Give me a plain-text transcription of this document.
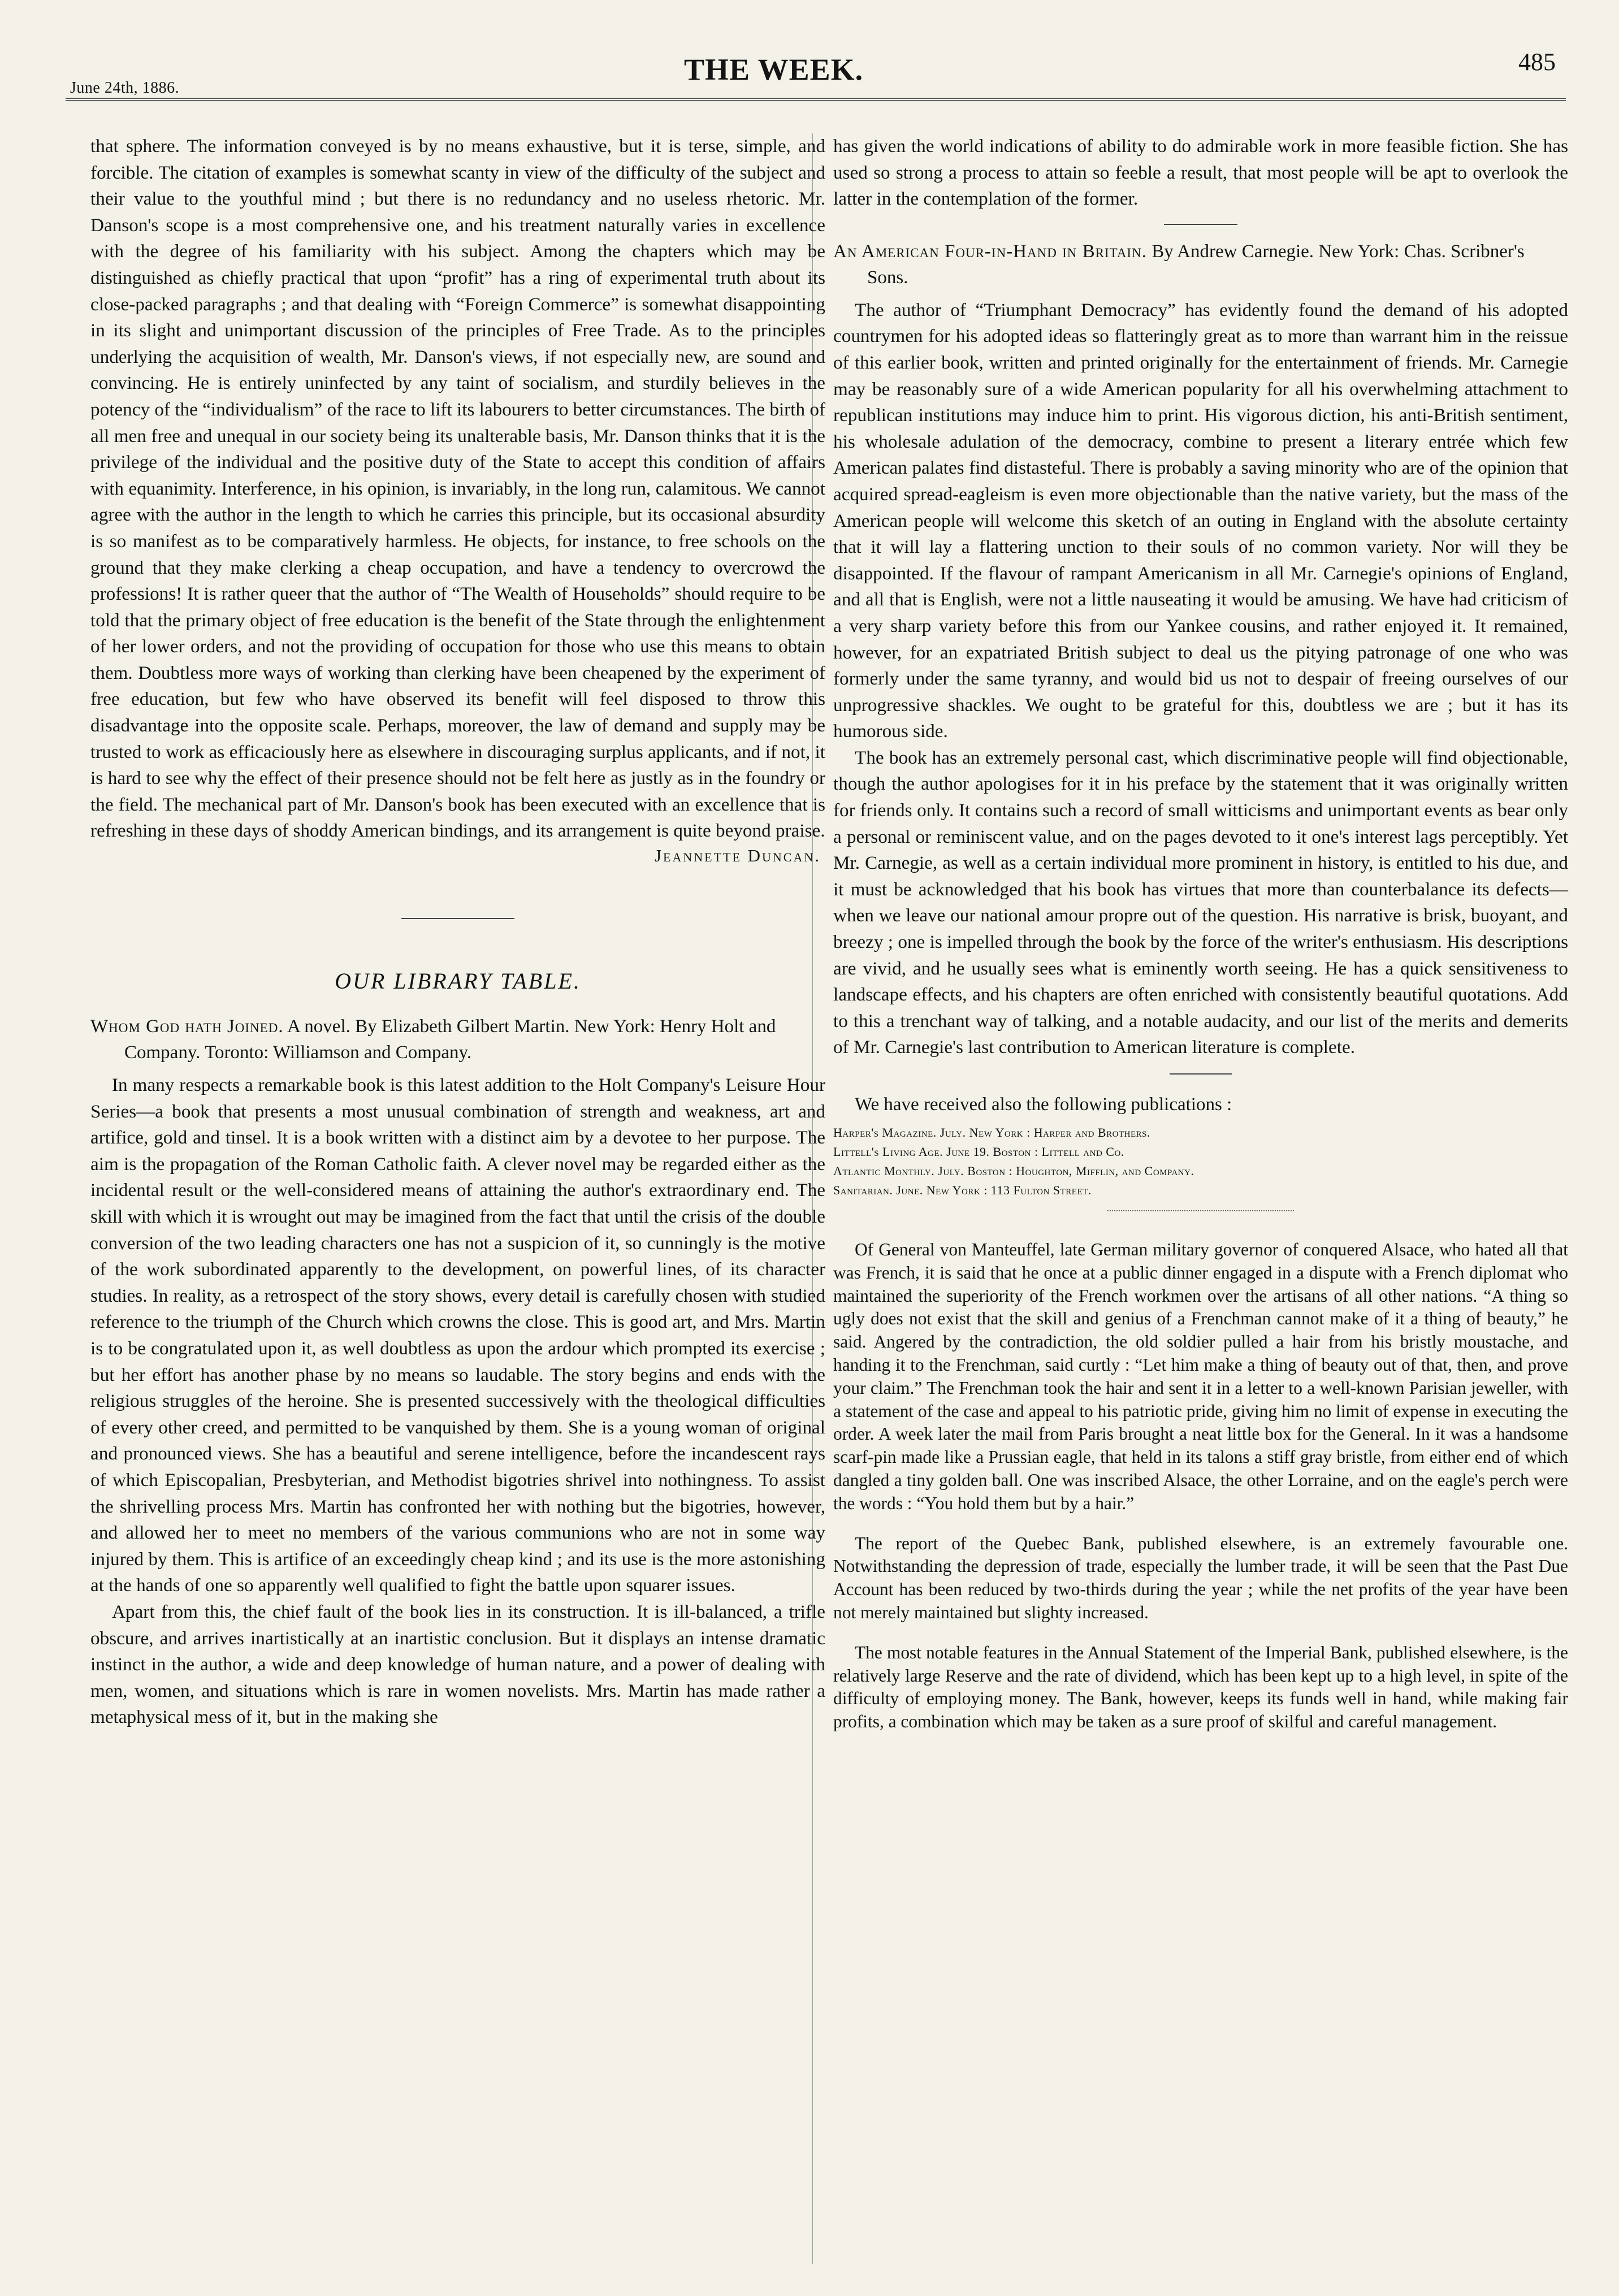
June 24th, 1886.
THE WEEK.	485

that sphere. The information conveyed is by no means exhaustive, but it is terse, simple, and forcible. The citation of examples is somewhat scanty in view of the difficulty of the subject and their value to the youthful mind ; but there is no redundancy and no useless rhetoric. Mr. Danson's scope is a most comprehensive one, and his treatment naturally varies in excellence with the degree of his familiarity with his subject. Among the chapters which may be distinguished as chiefly practical that upon “profit” has a ring of experimental truth about its close-packed paragraphs ; and that dealing with “Foreign Commerce” is somewhat disappointing in its slight and unimportant discussion of the principles of Free Trade. As to the principles underlying the acquisition of wealth, Mr. Danson's views, if not especially new, are sound and convincing. He is entirely uninfected by any taint of socialism, and sturdily believes in the potency of the “individualism” of the race to lift its labourers to better circumstances. The birth of all men free and unequal in our society being its unalterable basis, Mr. Danson thinks that it is the privilege of the individual and the positive duty of the State to accept this condition of affairs with equanimity. Interference, in his opinion, is invariably, in the long run, calamitous. We cannot agree with the author in the length to which he carries this principle, but its occasional absurdity is so manifest as to be comparatively harmless. He objects, for instance, to free schools on the ground that they make clerking a cheap occupation, and have a tendency to overcrowd the professions! It is rather queer that the author of “The Wealth of Households” should require to be told that the primary object of free education is the benefit of the State through the enlightenment of her lower orders, and not the providing of occupation for those who use this means to obtain them. Doubtless more ways of working than clerking have been cheapened by the experiment of free education, but few who have observed its benefit will feel disposed to throw this disadvantage into the opposite scale. Perhaps, moreover, the law of demand and supply may be trusted to work as efficaciously here as elsewhere in discouraging surplus applicants, and if not, it is hard to see why the effect of their presence should not be felt here as justly as in the foundry or the field. The mechanical part of Mr. Danson's book has been executed with an excellence that is refreshing in these days of shoddy American bindings, and its arrangement is quite beyond praise.

Jeannette Duncan.
OUR LIBRARY TABLE.
Whom God hath Joined. A novel. By Elizabeth Gilbert Martin. New York: Henry Holt and Company. Toronto: Williamson and Company.

In many respects a remarkable book is this latest addition to the Holt Company's Leisure Hour Series—a book that presents a most unusual combination of strength and weakness, art and artifice, gold and tinsel. It is a book written with a distinct aim by a devotee to her purpose. The aim is the propagation of the Roman Catholic faith. A clever novel may be regarded either as the incidental result or the well-considered means of attaining the author's extraordinary end. The skill with which it is wrought out may be imagined from the fact that until the crisis of the double conversion of the two leading characters one has not a suspicion of it, so cunningly is the motive of the work subordinated apparently to the development, on powerful lines, of its character studies. In reality, as a retrospect of the story shows, every detail is carefully chosen with studied reference to the triumph of the Church which crowns the close. This is good art, and Mrs. Martin is to be congratulated upon it, as well doubtless as upon the ardour which prompted its exercise ; but her effort has another phase by no means so laudable. The story begins and ends with the religious struggles of the heroine. She is presented successively with the theological difficulties of every other creed, and permitted to be vanquished by them. She is a young woman of original and pronounced views. She has a beautiful and serene intelligence, before the incandescent rays of which Episcopalian, Presbyterian, and Methodist bigotries shrivel into nothingness. To assist the shrivelling process Mrs. Martin has confronted her with nothing but the bigotries, however, and allowed her to meet no members of the various communions who are not in some way injured by them. This is artifice of an exceedingly cheap kind ; and its use is the more astonishing at the hands of one so apparently well qualified to fight the battle upon squarer issues.

Apart from this, the chief fault of the book lies in its construction. It is ill-balanced, a trifle obscure, and arrives inartistically at an inartistic conclusion. But it displays an intense dramatic instinct in the author, a wide and deep knowledge of human nature, and a power of dealing with men, women, and situations which is rare in women novelists. Mrs. Martin has made rather a metaphysical mess of it, but in the making she

has given the world indications of ability to do admirable work in more feasible fiction. She has used so strong a process to attain so feeble a result, that most people will be apt to overlook the latter in the contemplation of the former.

An American Four-in-Hand in Britain. By Andrew Carnegie. New York: Chas. Scribner's Sons.

The author of “Triumphant Democracy” has evidently found the demand of his adopted countrymen for his adopted ideas so flatteringly great as to more than warrant him in the reissue of this earlier book, written and printed originally for the entertainment of friends. Mr. Carnegie may be reasonably sure of a wide American popularity for all his overwhelming attachment to republican institutions may induce him to print. His vigorous diction, his anti-British sentiment, his wholesale adulation of the democracy, combine to present a literary entrée which few American palates find distasteful. There is probably a saving minority who are of the opinion that acquired spread-eagleism is even more objectionable than the native variety, but the mass of the American people will welcome this sketch of an outing in England with the absolute certainty that it will lay a flattering unction to their souls of no common variety. Nor will they be disappointed. If the flavour of rampant Americanism in all Mr. Carnegie's opinions of England, and all that is English, were not a little nauseating it would be amusing. We have had criticism of a very sharp variety before this from our Yankee cousins, and rather enjoyed it. It remained, however, for an expatriated British subject to deal us the pitying patronage of one who was formerly under the same tyranny, and would bid us not to despair of freeing ourselves of our unprogressive shackles. We ought to be grateful for this, doubtless we are ; but it has its humorous side.

The book has an extremely personal cast, which discriminative people will find objectionable, though the author apologises for it in his preface by the statement that it was originally written for friends only. It contains such a record of small witticisms and unimportant events as bear only a personal or reminiscent value, and on the pages devoted to it one's interest lags perceptibly. Yet Mr. Carnegie, as well as a certain individual more prominent in history, is entitled to his due, and it must be acknowledged that his book has virtues that more than counterbalance its defects—when we leave our national amour propre out of the question. His narrative is brisk, buoyant, and breezy ; one is impelled through the book by the force of the writer's enthusiasm. His descriptions are vivid, and he usually sees what is eminently worth seeing. He has a quick sensitiveness to landscape effects, and his chapters are often enriched with consistently beautiful quotations. Add to this a trenchant way of talking, and a notable audacity, and our list of the merits and demerits of Mr. Carnegie's last contribution to American literature is complete.

We have received also the following publications :
Harper's Magazine. July. New York : Harper and Brothers.
Littell's Living Age. June 19. Boston : Littell and Co.
Atlantic Monthly. July. Boston : Houghton, Mifflin, and Company.
Sanitarian. June. New York : 113 Fulton Street.

Of General von Manteuffel, late German military governor of conquered Alsace, who hated all that was French, it is said that he once at a public dinner engaged in a dispute with a French diplomat who maintained the superiority of the French workmen over the artisans of all other nations. “A thing so ugly does not exist that the skill and genius of a Frenchman cannot make of it a thing of beauty,” he said. Angered by the contradiction, the old soldier pulled a hair from his bristly moustache, and handing it to the Frenchman, said curtly : “Let him make a thing of beauty out of that, then, and prove your claim.” The Frenchman took the hair and sent it in a letter to a well-known Parisian jeweller, with a statement of the case and appeal to his patriotic pride, giving him no limit of expense in executing the order. A week later the mail from Paris brought a neat little box for the General. In it was a handsome scarf-pin made like a Prussian eagle, that held in its talons a stiff gray bristle, from either end of which dangled a tiny golden ball. One was inscribed Alsace, the other Lorraine, and on the eagle's perch were the words : “You hold them but by a hair.”

The report of the Quebec Bank, published elsewhere, is an extremely favourable one. Notwithstanding the depression of trade, especially the lumber trade, it will be seen that the Past Due Account has been reduced by two-thirds during the year ; while the net profits of the year have been not merely maintained but slighty increased.

The most notable features in the Annual Statement of the Imperial Bank, published elsewhere, is the relatively large Reserve and the rate of dividend, which has been kept up to a high level, in spite of the difficulty of employing money. The Bank, however, keeps its funds well in hand, while making fair profits, a combination which may be taken as a sure proof of skilful and careful management.
